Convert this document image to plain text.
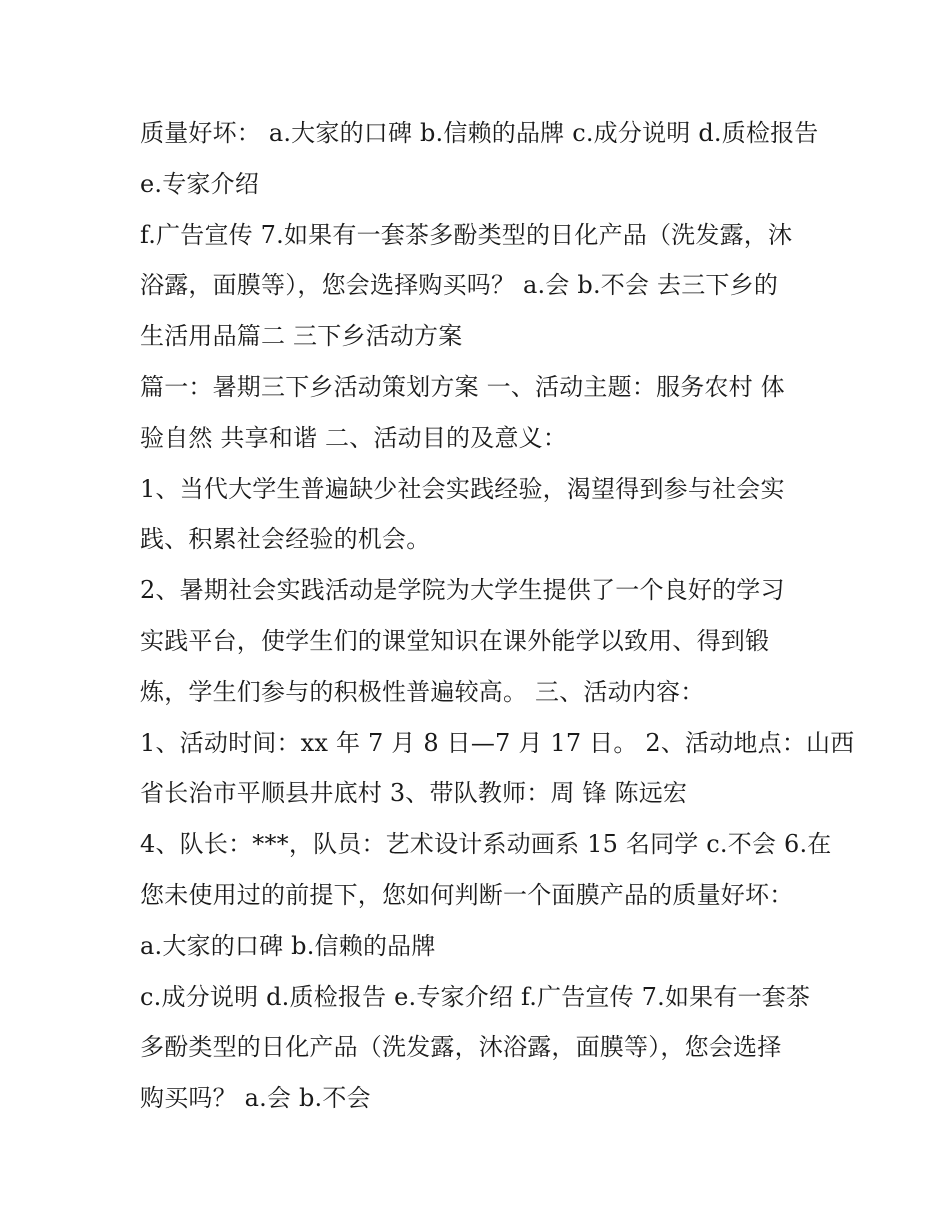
质量好坏： a.大家的口碑 b.信赖的品牌 c.成分说明 d.质检报告
e.专家介绍
f.广告宣传 7.如果有一套茶多酚类型的日化产品（洗发露，沐
浴露，面膜等），您会选择购买吗？ a.会 b.不会 去三下乡的
生活用品篇二 三下乡活动方案
篇一：暑期三下乡活动策划方案 一、活动主题：服务农村 体
验自然 共享和谐 二、活动目的及意义：
1、当代大学生普遍缺少社会实践经验，渴望得到参与社会实
践、积累社会经验的机会。
2、暑期社会实践活动是学院为大学生提供了一个良好的学习
实践平台，使学生们的课堂知识在课外能学以致用、得到锻
炼，学生们参与的积极性普遍较高。 三、活动内容：
1、活动时间：xx 年 7 月 8 日—7 月 17 日。 2、活动地点：山西
省长治市平顺县井底村 3、带队教师：周 锋 陈远宏
4、队长：***，队员：艺术设计系动画系 15 名同学 c.不会 6.在
您未使用过的前提下，您如何判断一个面膜产品的质量好坏：
a.大家的口碑 b.信赖的品牌
c.成分说明 d.质检报告 e.专家介绍 f.广告宣传 7.如果有一套茶
多酚类型的日化产品（洗发露，沐浴露，面膜等），您会选择
购买吗？ a.会 b.不会
